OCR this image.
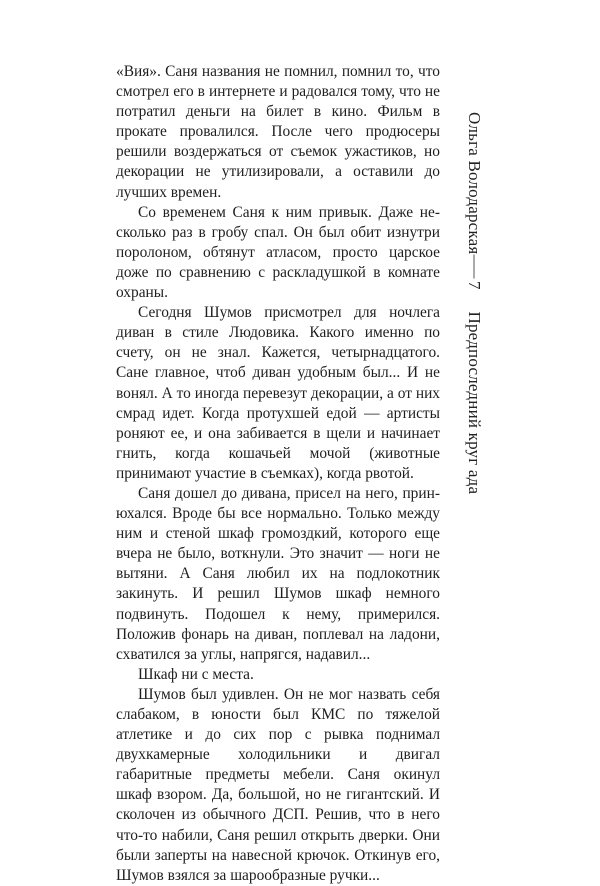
«Вия». Саня названия не помнил, помнил то, что смотрел его в интернете и радовался тому, что не потратил деньги на билет в кино. Фильм в прокате провалился. После чего продюсеры решили воздержаться от съемок ужастиков, но декорации не утилизировали, а оставили до лучших времен.

Со временем Саня к ним привык. Даже несколько раз в гробу спал. Он был обит изнутри поролоном, обтянут атласом, просто царское доже по сравнению с раскладушкой в комнате охраны.

Сегодня Шумов присмотрел для ночлега диван в стиле Людовика. Какого именно по счету, он не знал. Кажется, четырнадцатого. Сане главное, чтоб диван удобным был... И не вонял. А то иногда перевезут декорации, а от них смрад идет. Когда протухшей едой — артисты роняют ее, и она забивается в щели и начинает гнить, когда кошачьей мочой (животные принимают участие в съемках), когда рвотой.

Саня дошел до дивана, присел на него, принюхался. Вроде бы все нормально. Только между ним и стеной шкаф громоздкий, которого еще вчера не было, воткнули. Это значит — ноги не вытяни. А Саня любил их на подлокотник закинуть. И решил Шумов шкаф немного подвинуть. Подошел к нему, примерился. Положив фонарь на диван, поплевал на ладони, схватился за углы, напрягся, надавил...

Шкаф ни с места.

Шумов был удивлен. Он не мог назвать себя слабаком, в юности был КМС по тяжелой атлетике и до сих пор с рывка поднимал двухкамерные холодильники и двигал габаритные предметы мебели. Саня окинул шкаф взором. Да, большой, но не гигантский. И сколочен из обычного ДСП. Решив, что в него что-то набили, Саня решил открыть дверки. Они были заперты на навесной крючок. Откинув его, Шумов взялся за шарообразные ручки...

Ольга Володарская
7
Предпоследний круг ада
